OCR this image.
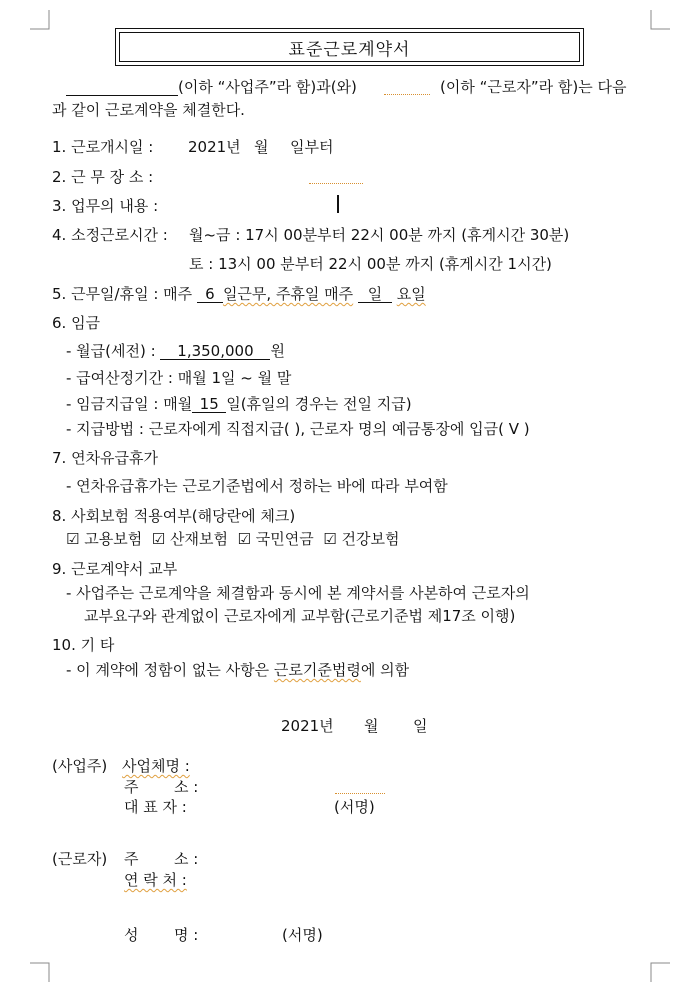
표준근로계약서
(이하 “사업주”라 함)과(와)	(이하 “근로자”라 함)는 다음
과 같이 근로계약을 체결한다.
1. 근로개시일 : 2021년 월 일부터
2. 근 무 장 소 :
3. 업무의 내용 :
4. 소정근로시간 : 월~금 : 17시 00분부터 22시 00분 까지 (휴게시간 30분)
토 : 13시 00 분부터 22시 00분 까지 (휴게시간 1시간)
5. 근무일/휴일 : 매주 6 일근무, 주휴일 매주 일 요일
6. 임금
- 월급(세전) : 1,350,000 원
- 급여산정기간 : 매월 1일 ~ 월 말
- 임금지급일 : 매월 15 일(휴일의 경우는 전일 지급)
- 지급방법 : 근로자에게 직접지급( ), 근로자 명의 예금통장에 입금( V )
7. 연차유급휴가
- 연차유급휴가는 근로기준법에서 정하는 바에 따라 부여함
8. 사회보험 적용여부(해당란에 체크)
☑ 고용보험 ☑ 산재보험 ☑ 국민연금 ☑ 건강보험
9. 근로계약서 교부
- 사업주는 근로계약을 체결함과 동시에 본 계약서를 사본하여 근로자의
교부요구와 관계없이 근로자에게 교부함(근로기준법 제17조 이행)
10. 기 타
- 이 계약에 정함이 없는 사항은 근로기준법령에 의함
2021년 월 일
(사업주) 사업체명 :
주 소 :
대 표 자 :	(서명)
(근로자) 주 소 :
연 락 처 :
성 명 :	(서명)
